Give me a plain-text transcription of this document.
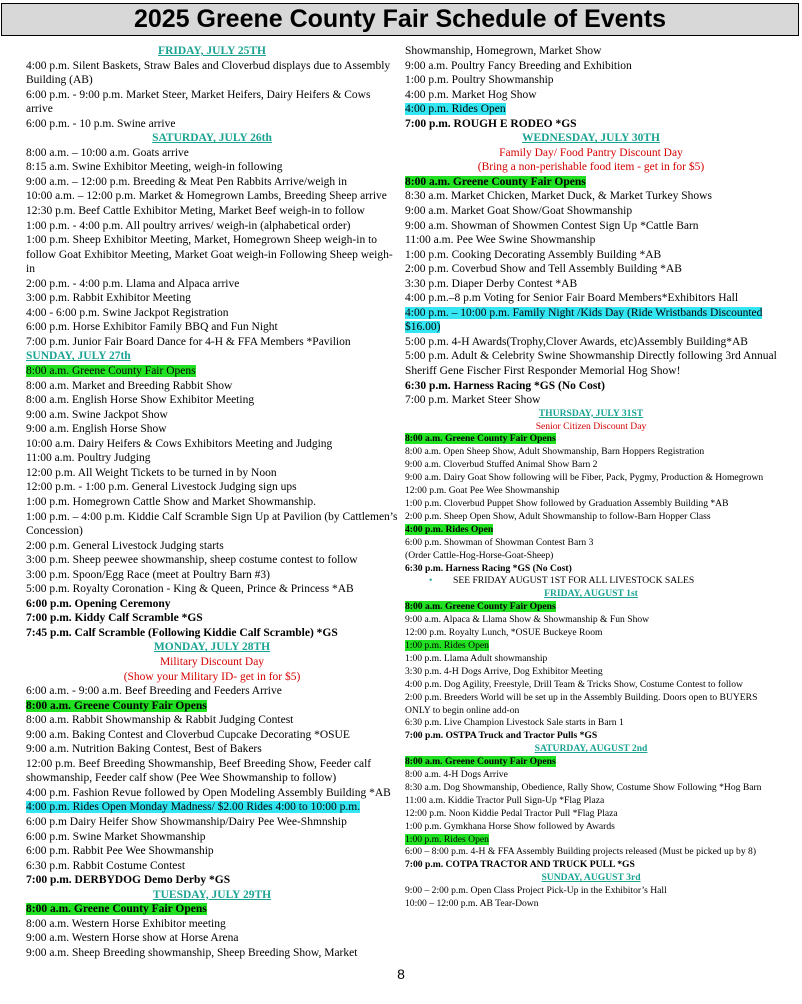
2025 Greene County Fair Schedule of Events
FRIDAY, JULY 25TH
4:00 p.m. Silent Baskets, Straw Bales and Cloverbud displays due to Assembly Building (AB)
6:00 p.m. - 9:00 p.m. Market Steer, Market Heifers, Dairy Heifers & Cows arrive
6:00 p.m. - 10 p.m. Swine arrive
SATURDAY, JULY 26th
8:00 a.m. – 10:00 a.m. Goats arrive
8:15 a.m. Swine Exhibitor Meeting, weigh-in following
9:00 a.m. – 12:00 p.m. Breeding & Meat Pen Rabbits Arrive/weigh in
10:00 a.m. – 12:00 p.m. Market & Homegrown Lambs, Breeding Sheep arrive
12:30 p.m. Beef Cattle Exhibitor Meting, Market Beef weigh-in to follow
1:00 p.m. - 4:00 p.m. All poultry arrives/ weigh-in (alphabetical order)
1:00 p.m. Sheep Exhibitor Meeting, Market, Homegrown Sheep weigh-in to follow Goat Exhibitor Meeting, Market Goat weigh-in Following Sheep weigh-in
2:00 p.m. - 4:00 p.m. Llama and Alpaca arrive
3:00 p.m. Rabbit Exhibitor Meeting
4:00 - 6:00 p.m. Swine Jackpot Registration
6:00 p.m. Horse Exhibitor Family BBQ and Fun Night
7:00 p.m. Junior Fair Board Dance for 4-H & FFA Members *Pavilion
SUNDAY, JULY 27th
8:00 a.m. Greene County Fair Opens
8:00 a.m. Market and Breeding Rabbit Show
8:00 a.m. English Horse Show Exhibitor Meeting
9:00 a.m. Swine Jackpot Show
9:00 a.m. English Horse Show
10:00 a.m. Dairy Heifers & Cows Exhibitors Meeting and Judging
11:00 a.m. Poultry Judging
12:00 p.m. All Weight Tickets to be turned in by Noon
12:00 p.m. - 1:00 p.m. General Livestock Judging sign ups
1:00 p.m. Homegrown Cattle Show and Market Showmanship.
1:00 p.m. – 4:00 p.m. Kiddie Calf Scramble Sign Up at Pavilion (by Cattlemen’s Concession)
2:00 p.m. General Livestock Judging starts
3:00 p.m. Sheep peewee showmanship, sheep costume contest to follow
3:00 p.m. Spoon/Egg Race (meet at Poultry Barn #3)
5:00 p.m. Royalty Coronation - King & Queen, Prince & Princess *AB
6:00 p.m. Opening Ceremony
7:00 p.m. Kiddy Calf Scramble *GS
7:45 p.m. Calf Scramble (Following Kiddie Calf Scramble) *GS
MONDAY, JULY 28TH
Military Discount Day
(Show your Military ID- get in for $5)
6:00 a.m. - 9:00 a.m. Beef Breeding and Feeders Arrive
8:00 a.m. Greene County Fair Opens
8:00 a.m. Rabbit Showmanship & Rabbit Judging Contest
9:00 a.m. Baking Contest and Cloverbud Cupcake Decorating *OSUE
9:00 a.m. Nutrition Baking Contest, Best of Bakers
12:00 p.m. Beef Breeding Showmanship, Beef Breeding Show, Feeder calf showmanship, Feeder calf show (Pee Wee Showmanship to follow)
4:00 p.m. Fashion Revue followed by Open Modeling Assembly Building *AB
4:00 p.m. Rides Open Monday Madness/ $2.00 Rides 4:00 to 10:00 p.m.
6:00 p.m Dairy Heifer Show Showmanship/Dairy Pee Wee-Shmnship
6:00 p.m. Swine Market Showmanship
6:00 p.m. Rabbit Pee Wee Showmanship
6:30 p.m. Rabbit Costume Contest
7:00 p.m. DERBYDOG Demo Derby *GS
TUESDAY, JULY 29TH
8:00 a.m. Greene County Fair Opens
8:00 a.m. Western Horse Exhibitor meeting
9:00 a.m. Western Horse show at Horse Arena
9:00 a.m. Sheep Breeding showmanship, Sheep Breeding Show, Market
Showmanship, Homegrown, Market Show
9:00 a.m. Poultry Fancy Breeding and Exhibition
1:00 p.m. Poultry Showmanship
4:00 p.m. Market Hog Show
4:00 p.m. Rides Open
7:00 p.m. ROUGH E RODEO *GS
WEDNESDAY, JULY 30TH
Family Day/ Food Pantry Discount Day
(Bring a non-perishable food item - get in for $5)
8:00 a.m. Greene County Fair Opens
8:30 a.m. Market Chicken, Market Duck, & Market Turkey Shows
9:00 a.m. Market Goat Show/Goat Showmanship
9:00 a.m. Showman of Showmen Contest Sign Up *Cattle Barn
11:00 a.m. Pee Wee Swine Showmanship
1:00 p.m. Cooking Decorating Assembly Building *AB
2:00 p.m. Coverbud Show and Tell Assembly Building *AB
3:30 p.m. Diaper Derby Contest *AB
4:00 p.m.–8 p.m Voting for Senior Fair Board Members*Exhibitors Hall
4:00 p.m. – 10:00 p.m. Family Night /Kids Day (Ride Wristbands Discounted $16.00)
5:00 p.m. 4-H Awards(Trophy,Clover Awards, etc)Assembly Building*AB
5:00 p.m. Adult & Celebrity Swine Showmanship Directly following 3rd Annual Sheriff Gene Fischer First Responder Memorial Hog Show!
6:30 p.m. Harness Racing *GS (No Cost)
7:00 p.m. Market Steer Show
THURSDAY, JULY 31ST
Senior Citizen Discount Day
8:00 a.m. Greene County Fair Opens
8:00 a.m. Open Sheep Show, Adult Showmanship, Barn Hoppers Registration
9:00 a.m. Cloverbud Stuffed Animal Show Barn 2
9:00 a.m. Dairy Goat Show following will be Fiber, Pack, Pygmy, Production & Homegrown
12:00 p.m. Goat Pee Wee Showmanship
1:00 p.m. Cloverbud Puppet Show followed by Graduation Assembly Building *AB
2:00 p.m. Sheep Open Show, Adult Showmanship to follow-Barn Hopper Class
4:00 p.m. Rides Open
6:00 p.m. Showman of Showman Contest Barn 3
(Order Cattle-Hog-Horse-Goat-Sheep)
6:30 p.m. Harness Racing *GS (No Cost)
• SEE FRIDAY AUGUST 1ST FOR ALL LIVESTOCK SALES
FRIDAY, AUGUST 1st
8:00 a.m. Greene County Fair Opens
9:00 a.m. Alpaca & Llama Show & Showmanship & Fun Show
12:00 p.m. Royalty Lunch, *OSUE Buckeye Room
1:00 p.m. Rides Open
1:00 p.m. Llama Adult showmanship
3:30 p.m. 4-H Dogs Arrive, Dog Exhibitor Meeting
4:00 p.m. Dog Agility, Freestyle, Drill Team & Tricks Show, Costume Contest to follow
2:00 p.m. Breeders World will be set up in the Assembly Building. Doors open to BUYERS ONLY to begin online add-on
6:30 p.m. Live Champion Livestock Sale starts in Barn 1
7:00 p.m. OSTPA Truck and Tractor Pulls *GS
SATURDAY, AUGUST 2nd
8:00 a.m. Greene County Fair Opens
8:00 a.m. 4-H Dogs Arrive
8:30 a.m. Dog Showmanship, Obedience, Rally Show, Costume Show Following *Hog Barn
11:00 a.m. Kiddie Tractor Pull Sign-Up *Flag Plaza
12:00 p.m. Noon Kiddie Pedal Tractor Pull *Flag Plaza
1:00 p.m. Gymkhana Horse Show followed by Awards
1:00 p.m. Rides Open
6:00 – 8:00 p.m. 4-H & FFA Assembly Building projects released (Must be picked up by 8)
7:00 p.m. COTPA TRACTOR AND TRUCK PULL *GS
SUNDAY, AUGUST 3rd
9:00 – 2:00 p.m. Open Class Project Pick-Up in the Exhibitor’s Hall
10:00 – 12:00 p.m. AB Tear-Down
8
